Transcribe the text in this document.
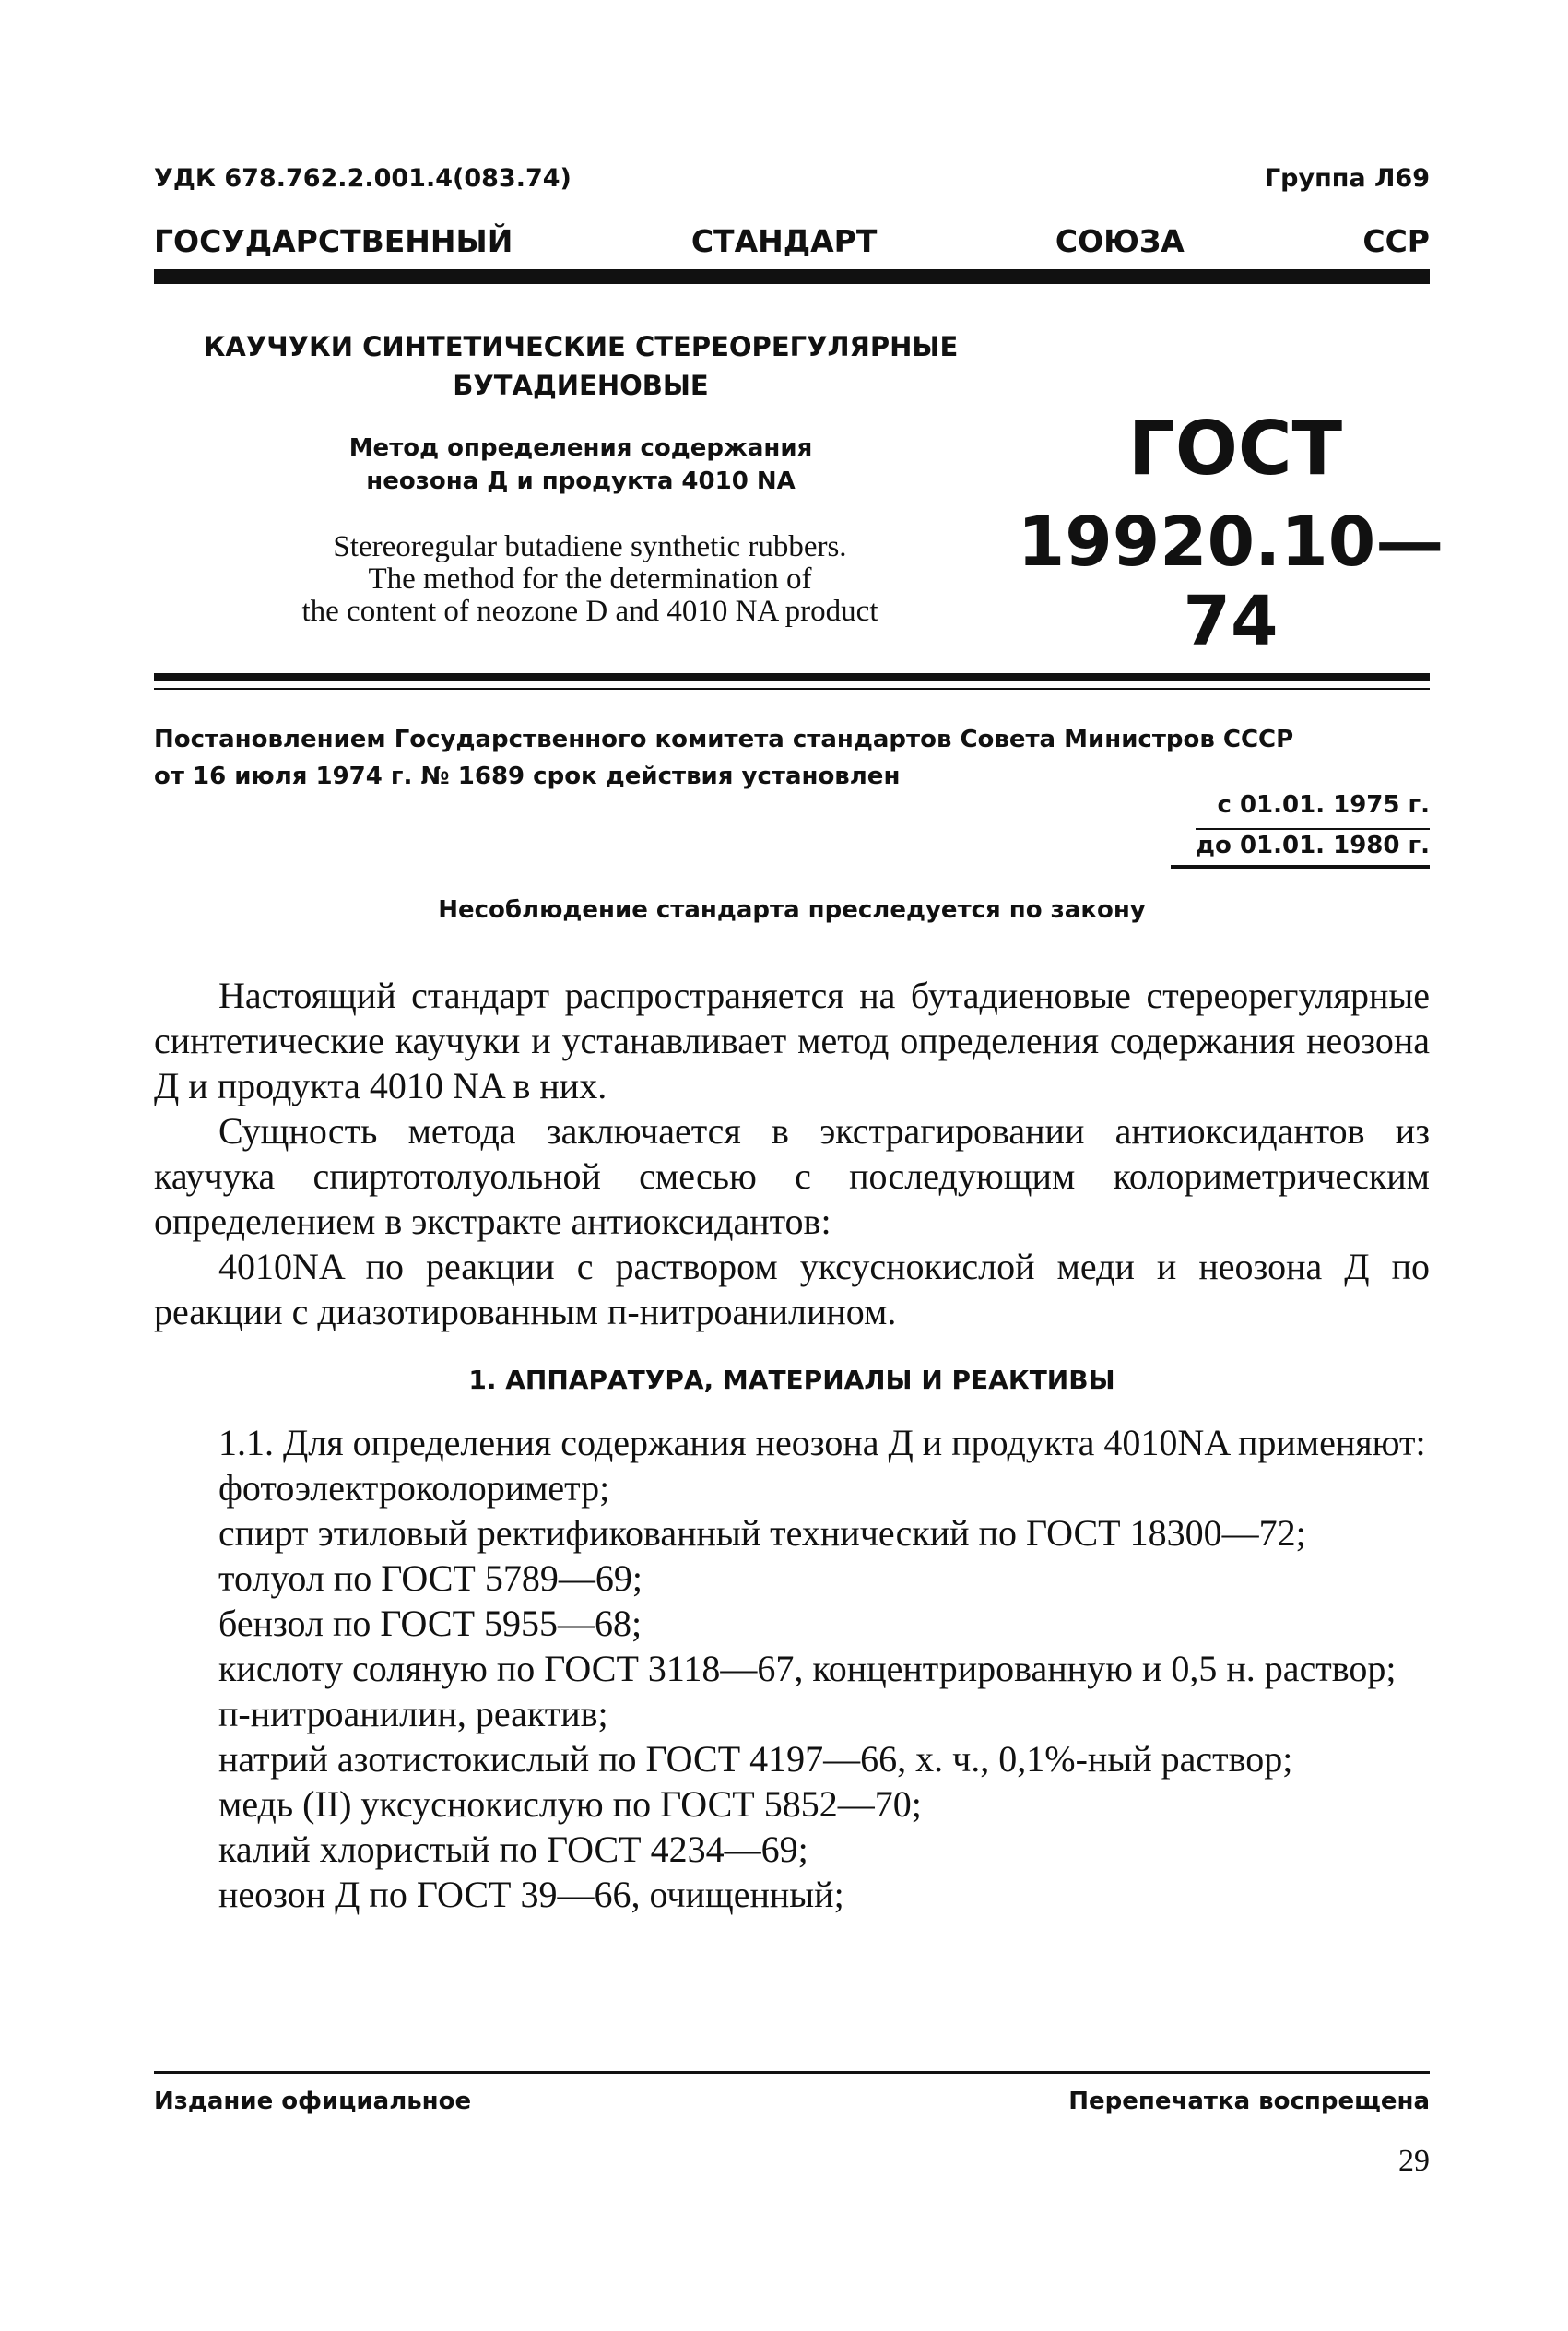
УДК 678.762.2.001.4(083.74)	Группа Л69
ГОСУДАРСТВЕННЫЙ	СТАНДАРТ	СОЮЗА	ССР
КАУЧУКИ СИНТЕТИЧЕСКИЕ СТЕРЕОРЕГУЛЯРНЫЕ
БУТАДИЕНОВЫЕ
Метод определения содержания
неозона Д и продукта 4010 NA
Stereoregular butadiene synthetic rubbers.
The method for the determination of
the content of neozone D and 4010 NA product
ГОСТ
19920.10—74
Постановлением Государственного комитета стандартов Совета Министров СССР
от 16 июля 1974 г. № 1689 срок действия установлен
с 01.01. 1975 г.
до 01.01. 1980 г.
Несоблюдение стандарта преследуется по закону
Настоящий стандарт распространяется на бутадиеновые стереорегулярные синтетические каучуки и устанавливает метод определения содержания неозона Д и продукта 4010 NA в них.
Сущность метода заключается в экстрагировании антиоксидантов из каучука спиртотолуольной смесью с последующим колориметрическим определением в экстракте антиоксидантов:
4010NA по реакции с раствором уксуснокислой меди и неозона Д по реакции с диазотированным п-нитроанилином.
1. АППАРАТУРА, МАТЕРИАЛЫ И РЕАКТИВЫ
1.1. Для определения содержания неозона Д и продукта 4010NA применяют:
фотоэлектроколориметр;
спирт этиловый ректификованный технический по ГОСТ 18300—72;
толуол по ГОСТ 5789—69;
бензол по ГОСТ 5955—68;
кислоту соляную по ГОСТ 3118—67, концентрированную и 0,5 н. раствор;
п-нитроанилин, реактив;
натрий азотистокислый по ГОСТ 4197—66, х. ч., 0,1%-ный раствор;
медь (II) уксуснокислую по ГОСТ 5852—70;
калий хлористый по ГОСТ 4234—69;
неозон Д по ГОСТ 39—66, очищенный;
Издание официальное	Перепечатка воспрещена
29
